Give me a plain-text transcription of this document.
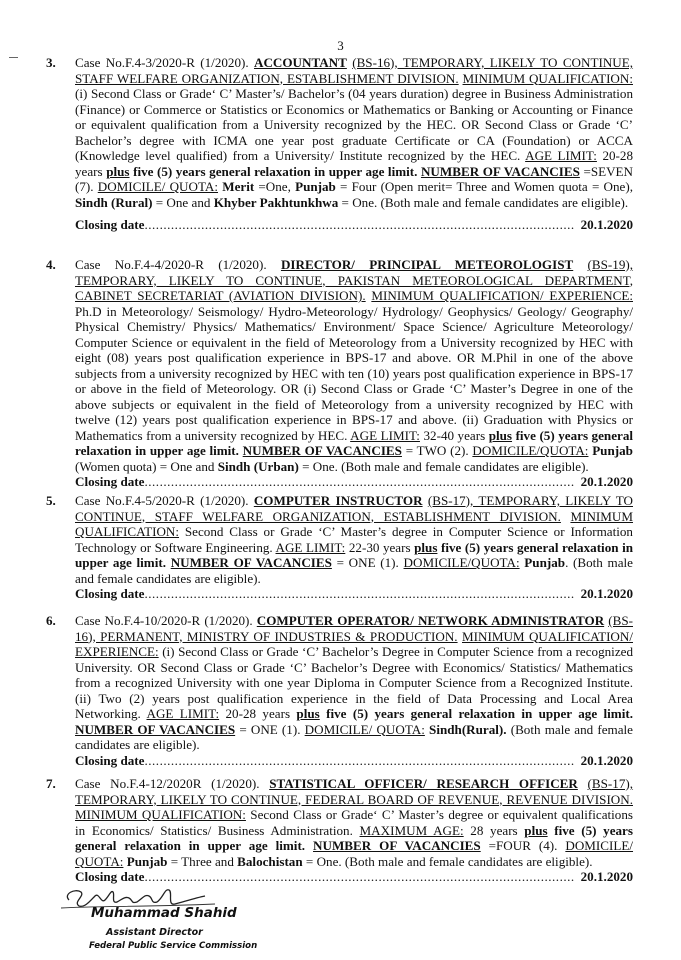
3
3. Case No.F.4-3/2020-R (1/2020). ACCOUNTANT (BS-16), TEMPORARY, LIKELY TO CONTINUE, STAFF WELFARE ORGANIZATION, ESTABLISHMENT DIVISION. MINIMUM QUALIFICATION: (i) Second Class or Grade‘ C’ Master’s/ Bachelor’s (04 years duration) degree in Business Administration (Finance) or Commerce or Statistics or Economics or Mathematics or Banking or Accounting or Finance or equivalent qualification from a University recognized by the HEC. OR Second Class or Grade ‘C’ Bachelor’s degree with ICMA one year post graduate Certificate or CA (Foundation) or ACCA (Knowledge level qualified) from a University/ Institute recognized by the HEC. AGE LIMIT: 20-28 years plus five (5) years general relaxation in upper age limit. NUMBER OF VACANCIES =SEVEN (7). DOMICILE/ QUOTA: Merit =One, Punjab = Four (Open merit= Three and Women quota = One), Sindh (Rural) = One and Khyber Pakhtunkhwa = One. (Both male and female candidates are eligible).
Closing date .....	20.1.2020
4. Case No.F.4-4/2020-R (1/2020). DIRECTOR/ PRINCIPAL METEOROLOGIST (BS-19), TEMPORARY, LIKELY TO CONTINUE, PAKISTAN METEOROLOGICAL DEPARTMENT, CABINET SECRETARIAT (AVIATION DIVISION). MINIMUM QUALIFICATION/ EXPERIENCE: Ph.D in Meteorology/ Seismology/ Hydro-Meteorology/ Hydrology/ Geophysics/ Geology/ Geography/ Physical Chemistry/ Physics/ Mathematics/ Environment/ Space Science/ Agriculture Meteorology/ Computer Science or equivalent in the field of Meteorology from a University recognized by HEC with eight (08) years post qualification experience in BPS-17 and above. OR M.Phil in one of the above subjects from a university recognized by HEC with ten (10) years post qualification experience in BPS-17 or above in the field of Meteorology. OR (i) Second Class or Grade ‘C’ Master’s Degree in one of the above subjects or equivalent in the field of Meteorology from a university recognized by HEC with twelve (12) years post qualification experience in BPS-17 and above. (ii) Graduation with Physics or Mathematics from a university recognized by HEC. AGE LIMIT: 32-40 years plus five (5) years general relaxation in upper age limit. NUMBER OF VACANCIES = TWO (2). DOMICILE/QUOTA: Punjab (Women quota) = One and Sindh (Urban) = One. (Both male and female candidates are eligible).
Closing date .....	20.1.2020
5. Case No.F.4-5/2020-R (1/2020). COMPUTER INSTRUCTOR (BS-17), TEMPORARY, LIKELY TO CONTINUE, STAFF WELFARE ORGANIZATION, ESTABLISHMENT DIVISION. MINIMUM QUALIFICATION: Second Class or Grade ‘C’ Master’s degree in Computer Science or Information Technology or Software Engineering. AGE LIMIT: 22-30 years plus five (5) years general relaxation in upper age limit. NUMBER OF VACANCIES = ONE (1). DOMICILE/QUOTA: Punjab. (Both male and female candidates are eligible).
Closing date .....	20.1.2020
6. Case No.F.4-10/2020-R (1/2020). COMPUTER OPERATOR/ NETWORK ADMINISTRATOR (BS-16), PERMANENT, MINISTRY OF INDUSTRIES & PRODUCTION. MINIMUM QUALIFICATION/ EXPERIENCE: (i) Second Class or Grade ‘C’ Bachelor’s Degree in Computer Science from a recognized University. OR Second Class or Grade ‘C’ Bachelor’s Degree with Economics/ Statistics/ Mathematics from a recognized University with one year Diploma in Computer Science from a Recognized Institute. (ii) Two (2) years post qualification experience in the field of Data Processing and Local Area Networking. AGE LIMIT: 20-28 years plus five (5) years general relaxation in upper age limit. NUMBER OF VACANCIES = ONE (1). DOMICILE/ QUOTA: Sindh(Rural). (Both male and female candidates are eligible).
Closing date .....	20.1.2020
7. Case No.F.4-12/2020R (1/2020). STATISTICAL OFFICER/ RESEARCH OFFICER (BS-17), TEMPORARY, LIKELY TO CONTINUE, FEDERAL BOARD OF REVENUE, REVENUE DIVISION. MINIMUM QUALIFICATION: Second Class or Grade‘ C’ Master’s degree or equivalent qualifications in Economics/ Statistics/ Business Administration. MAXIMUM AGE: 28 years plus five (5) years general relaxation in upper age limit. NUMBER OF VACANCIES =FOUR (4). DOMICILE/ QUOTA: Punjab = Three and Balochistan = One. (Both male and female candidates are eligible).
Closing date .....	20.1.2020
Muhammad Shahid
Assistant Director
Federal Public Service Commission
